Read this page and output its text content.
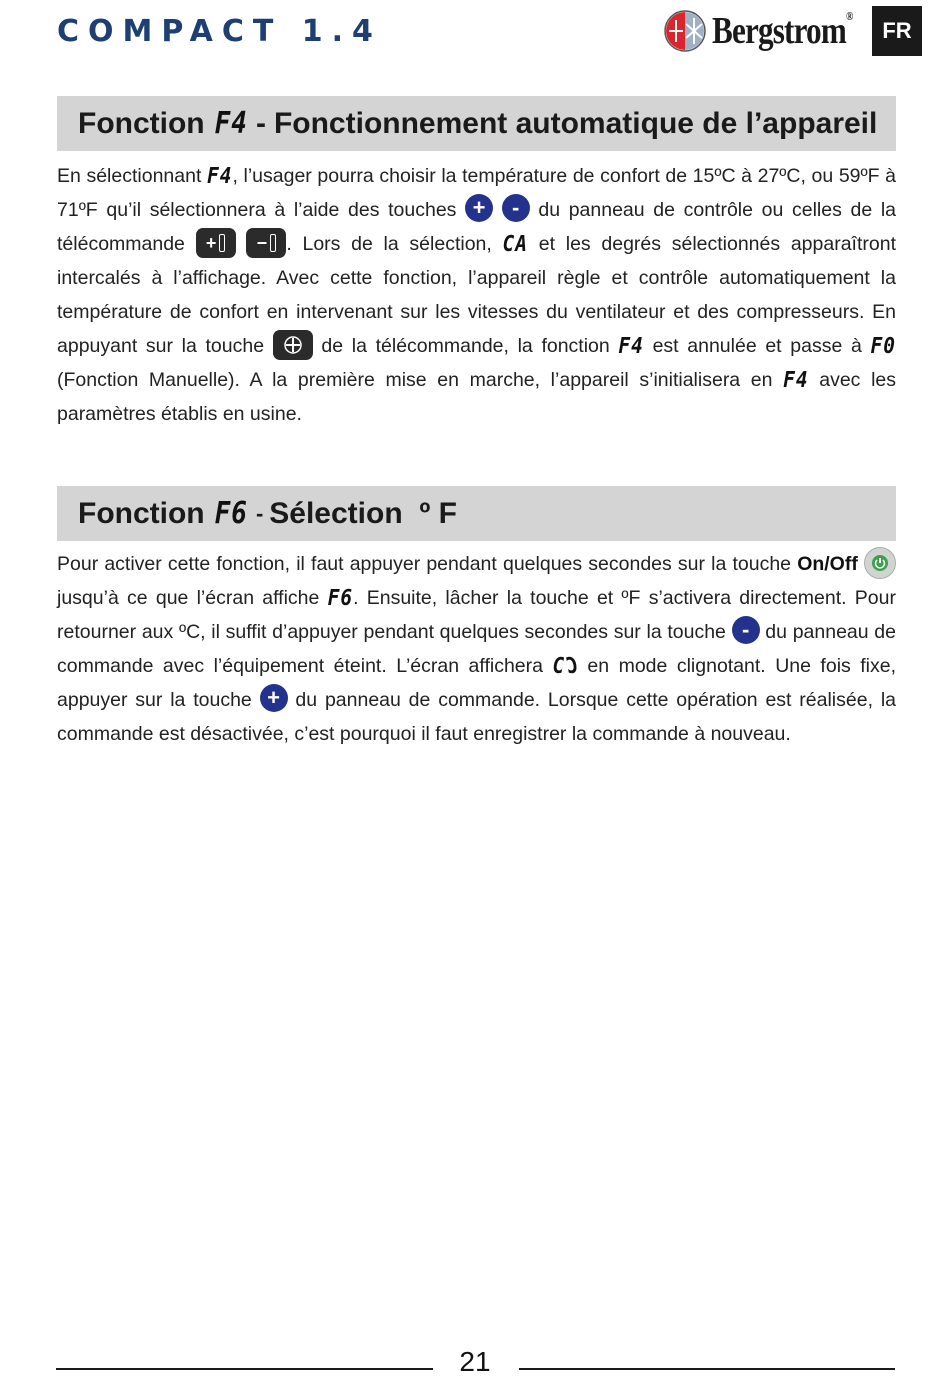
COMPACT 1.4	Bergstrom®
FR
Fonction F4 - Fonctionnement automatique de l’appareil
En sélectionnant F4, l’usager pourra choisir la température de confort de 15ºC à 27ºC, ou 59ºF à 71ºF qu’il sélectionnera à l’aide des touches + - du panneau de contrôle ou celles de la télécommande + − . Lors de la sélection, CA et les degrés sélectionnés apparaîtront intercalés à l’affichage. Avec cette fonction, l’appareil règle et contrôle automatiquement la température de confort en intervenant sur les vitesses du ventilateur et des compresseurs. En appuyant sur la touche
de la télécommande, la fonction F4 est annulée et passe à F0 (Fonction Manuelle). A la première mise en marche, l’appareil s’initialisera en F4 avec les paramètres établis en usine.
Fonction F6 - Sélection  º F
Pour activer cette fonction, il faut appuyer pendant quelques secondes sur la touche On/Off
jusqu’à ce que l’écran affiche F6. Ensuite, lâcher la touche et ºF s’activera directement. Pour retourner aux ºC, il suffit d’appuyer pendant quelques secondes sur la touche - du panneau de commande avec l’équipement éteint. L’écran affichera CC en mode clignotant. Une fois fixe, appuyer sur la touche + du panneau de commande. Lorsque cette opération est réalisée, la commande est désactivée, c’est pourquoi il faut enregistrer la commande à nouveau.
21
